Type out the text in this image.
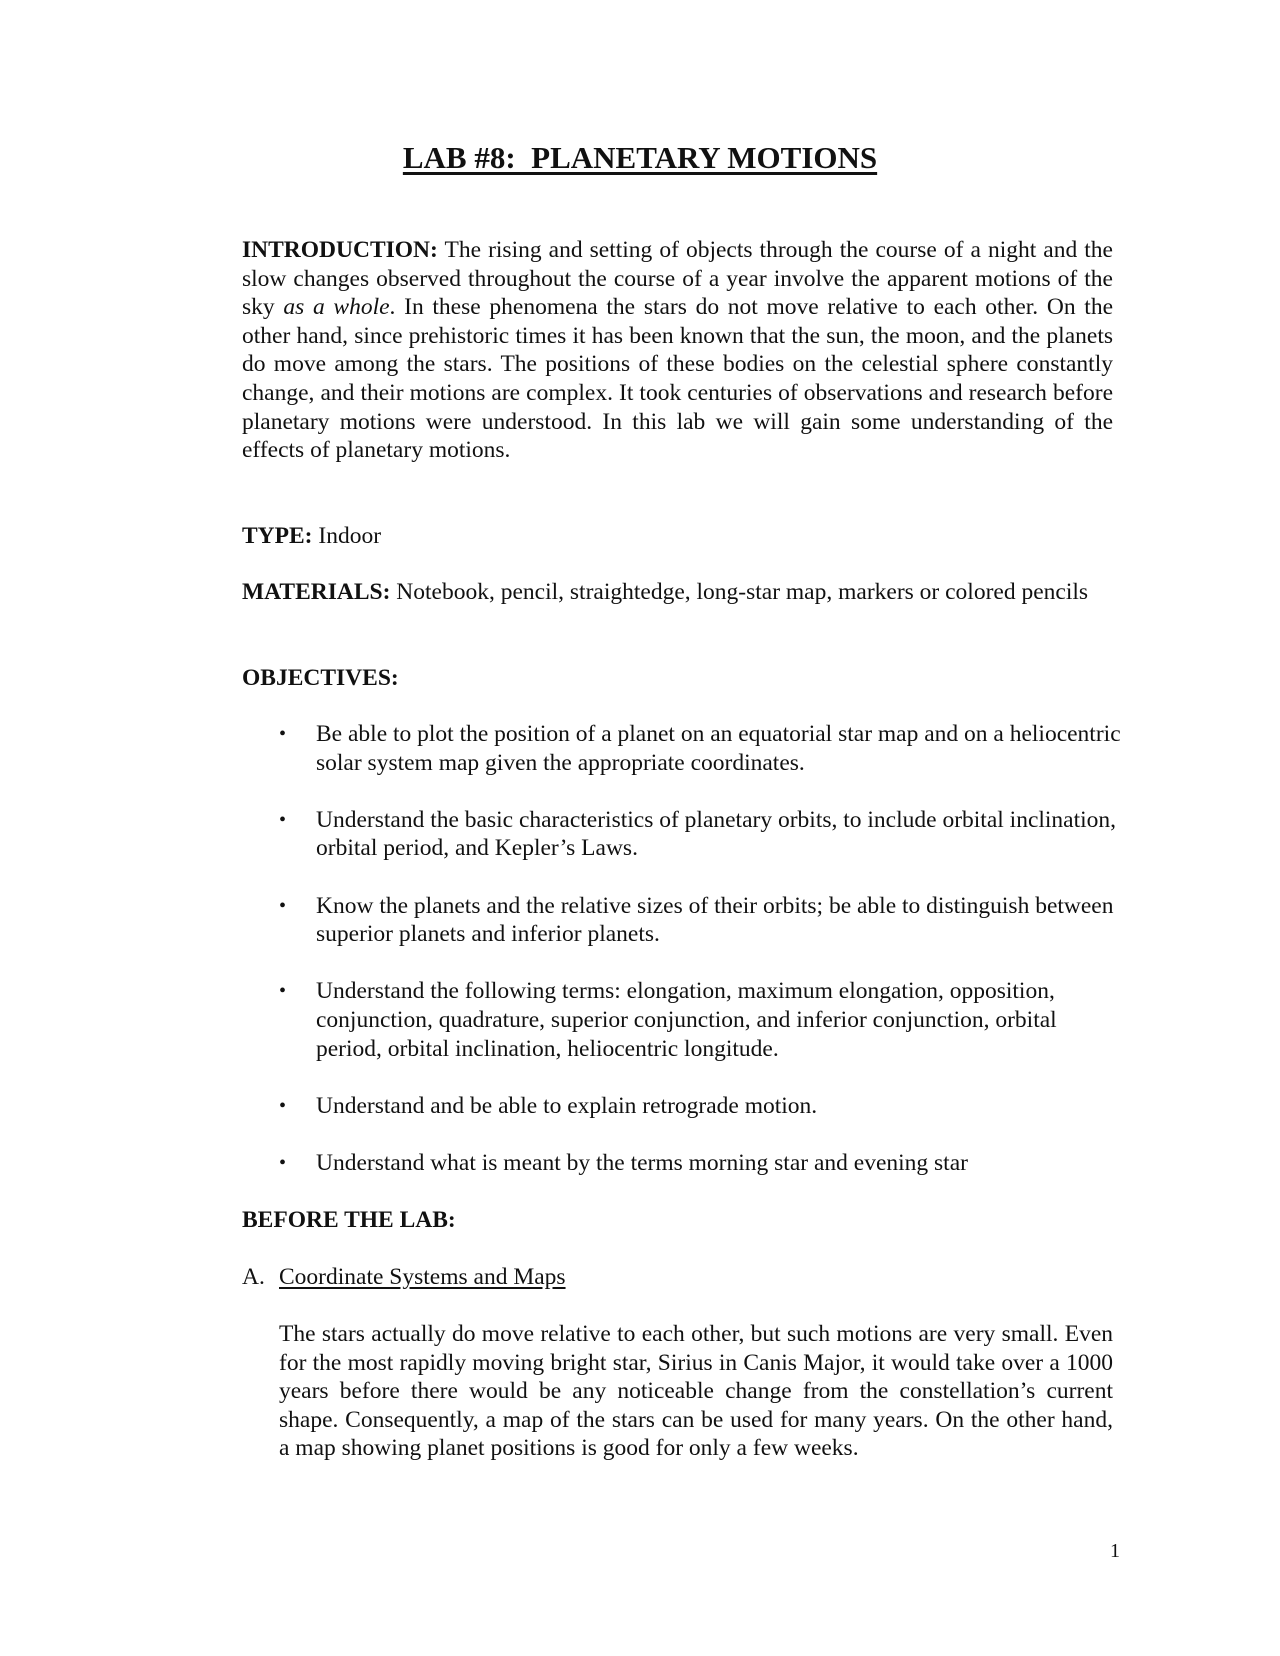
LAB #8:  PLANETARY MOTIONS
INTRODUCTION: The rising and setting of objects through the course of a night and the slow changes observed throughout the course of a year involve the apparent motions of the sky as a whole. In these phenomena the stars do not move relative to each other. On the other hand, since prehistoric times it has been known that the sun, the moon, and the planets do move among the stars. The positions of these bodies on the celestial sphere constantly change, and their motions are complex. It took centuries of observations and research before planetary motions were understood. In this lab we will gain some understanding of the effects of planetary motions.
TYPE: Indoor
MATERIALS: Notebook, pencil, straightedge, long-star map, markers or colored pencils
OBJECTIVES:
• Be able to plot the position of a planet on an equatorial star map and on a heliocentric solar system map given the appropriate coordinates.
• Understand the basic characteristics of planetary orbits, to include orbital inclination, orbital period, and Kepler’s Laws.
• Know the planets and the relative sizes of their orbits; be able to distinguish between superior planets and inferior planets.
• Understand the following terms: elongation, maximum elongation, opposition, conjunction, quadrature, superior conjunction, and inferior conjunction, orbital period, orbital inclination, heliocentric longitude.
• Understand and be able to explain retrograde motion.
• Understand what is meant by the terms morning star and evening star
BEFORE THE LAB:
A. Coordinate Systems and Maps
The stars actually do move relative to each other, but such motions are very small. Even for the most rapidly moving bright star, Sirius in Canis Major, it would take over a 1000 years before there would be any noticeable change from the constellation’s current shape. Consequently, a map of the stars can be used for many years. On the other hand, a map showing planet positions is good for only a few weeks.
1
